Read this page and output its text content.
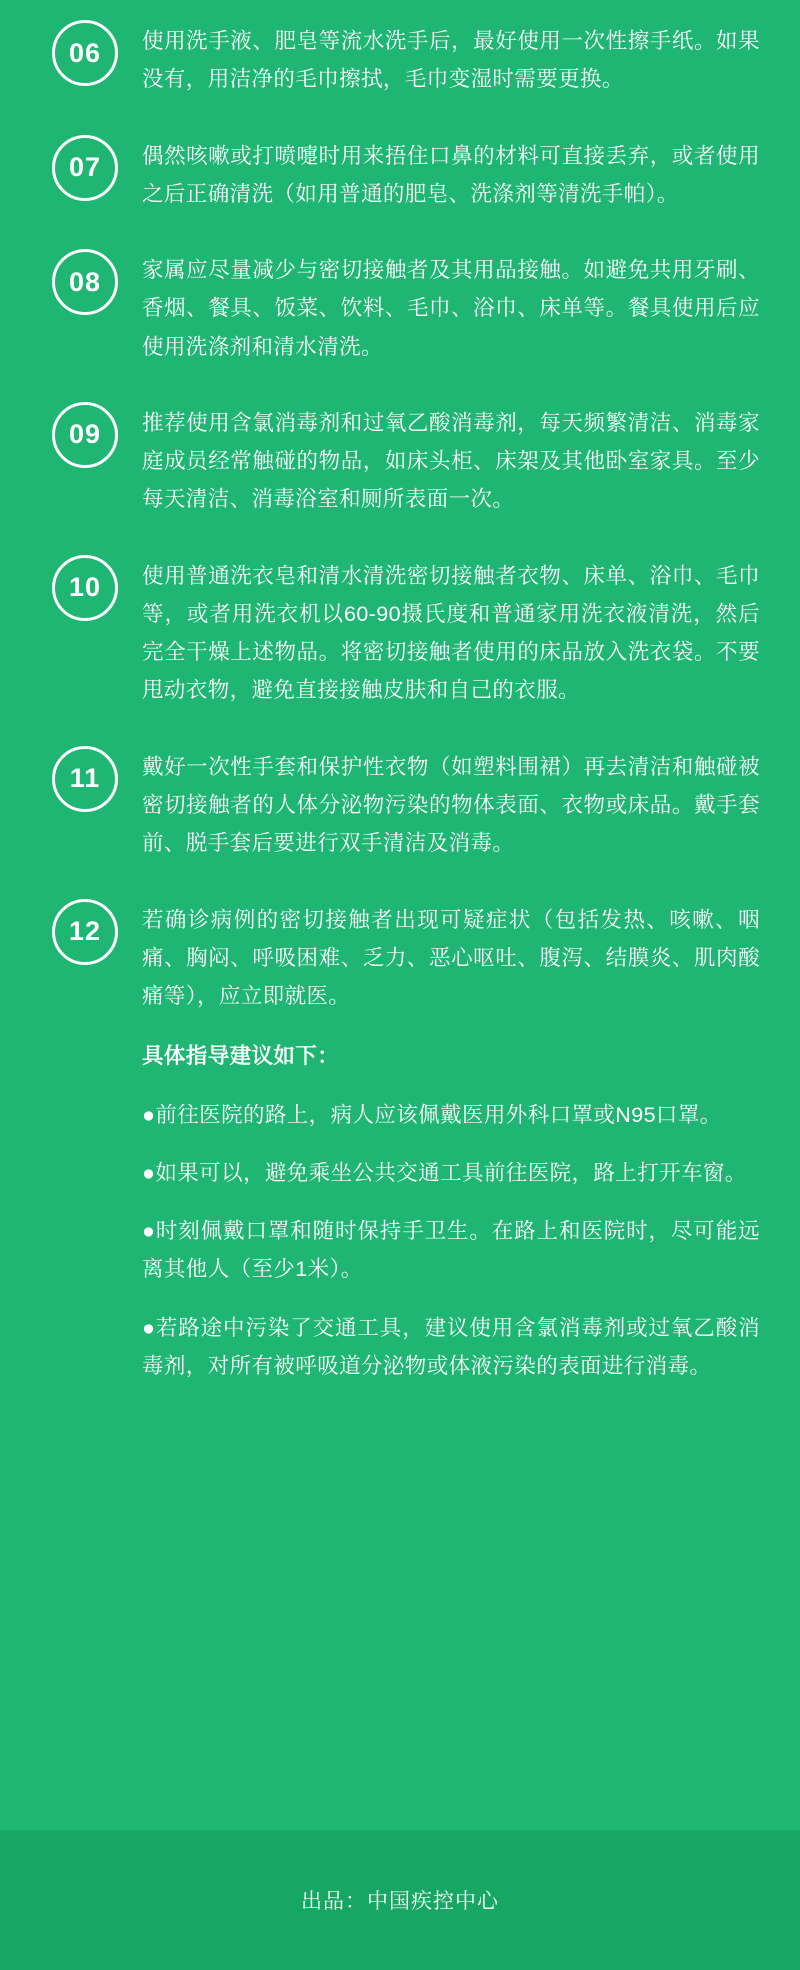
06	使用洗手液、肥皂等流水洗手后，最好使用一次性擦手纸。如果没有，用洁净的毛巾擦拭，毛巾变湿时需要更换。
07	偶然咳嗽或打喷嚏时用来捂住口鼻的材料可直接丢弃，或者使用之后正确清洗（如用普通的肥皂、洗涤剂等清洗手帕）。
08	家属应尽量减少与密切接触者及其用品接触。如避免共用牙刷、香烟、餐具、饭菜、饮料、毛巾、浴巾、床单等。餐具使用后应使用洗涤剂和清水清洗。
09	推荐使用含氯消毒剂和过氧乙酸消毒剂，每天频繁清洁、消毒家庭成员经常触碰的物品，如床头柜、床架及其他卧室家具。至少每天清洁、消毒浴室和厕所表面一次。
10	使用普通洗衣皂和清水清洗密切接触者衣物、床单、浴巾、毛巾等，或者用洗衣机以60-90摄氏度和普通家用洗衣液清洗，然后完全干燥上述物品。将密切接触者使用的床品放入洗衣袋。不要甩动衣物，避免直接接触皮肤和自己的衣服。
11	戴好一次性手套和保护性衣物（如塑料围裙）再去清洁和触碰被密切接触者的人体分泌物污染的物体表面、衣物或床品。戴手套前、脱手套后要进行双手清洁及消毒。
12	若确诊病例的密切接触者出现可疑症状（包括发热、咳嗽、咽痛、胸闷、呼吸困难、乏力、恶心呕吐、腹泻、结膜炎、肌肉酸痛等），应立即就医。
具体指导建议如下：
●前往医院的路上，病人应该佩戴医用外科口罩或N95口罩。
●如果可以，避免乘坐公共交通工具前往医院，路上打开车窗。
●时刻佩戴口罩和随时保持手卫生。在路上和医院时，尽可能远离其他人（至少1米）。
●若路途中污染了交通工具，建议使用含氯消毒剂或过氧乙酸消毒剂，对所有被呼吸道分泌物或体液污染的表面进行消毒。
出品：中国疾控中心
